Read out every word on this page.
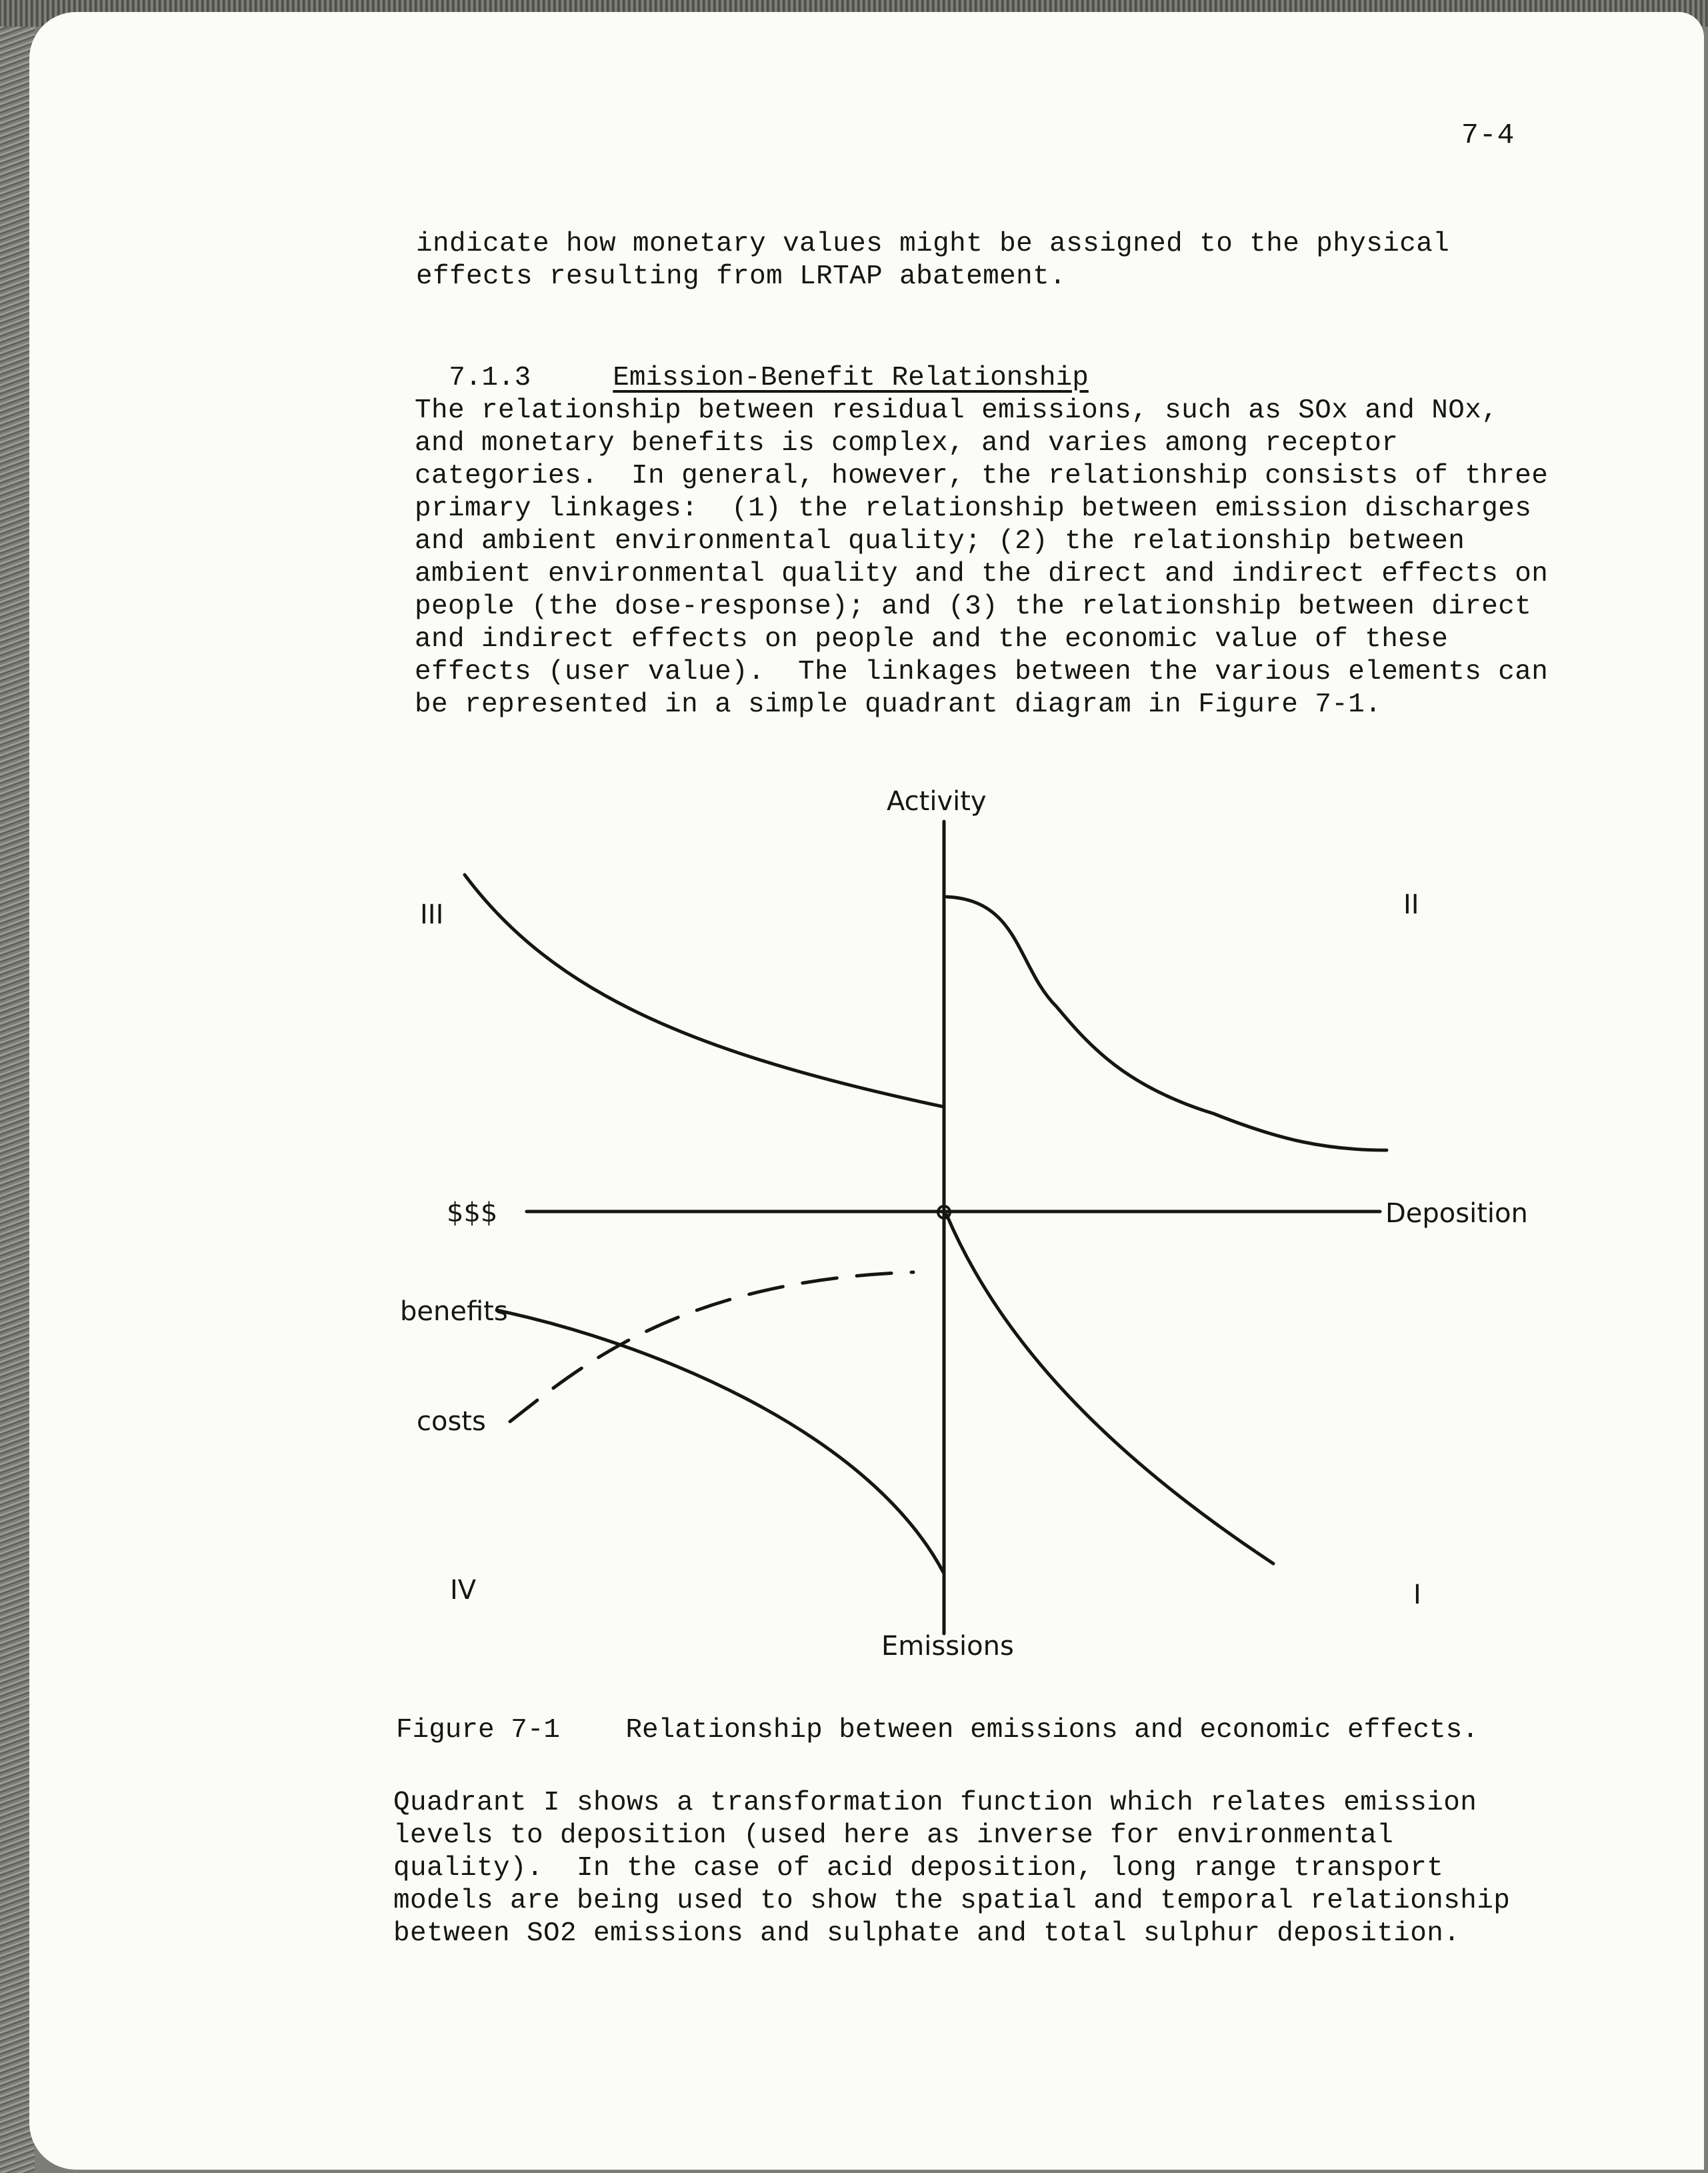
7-4

indicate how monetary values might be assigned to the physical
effects resulting from LRTAP abatement.

7.1.3	Emission-Benefit Relationship

The relationship between residual emissions, such as SOx and NOx,
and monetary benefits is complex, and varies among receptor
categories.  In general, however, the relationship consists of three
primary linkages:  (1) the relationship between emission discharges
and ambient environmental quality; (2) the relationship between
ambient environmental quality and the direct and indirect effects on
people (the dose-response); and (3) the relationship between direct
and indirect effects on people and the economic value of these
effects (user value).  The linkages between the various elements can
be represented in a simple quadrant diagram in Figure 7-1.

Activity
Emissions
$$$	Deposition
III	II
I
IV
benefits
costs
Figure 7-1    Relationship between emissions and economic effects.

Quadrant I shows a transformation function which relates emission
levels to deposition (used here as inverse for environmental
quality).  In the case of acid deposition, long range transport
models are being used to show the spatial and temporal relationship
between SO2 emissions and sulphate and total sulphur deposition.
